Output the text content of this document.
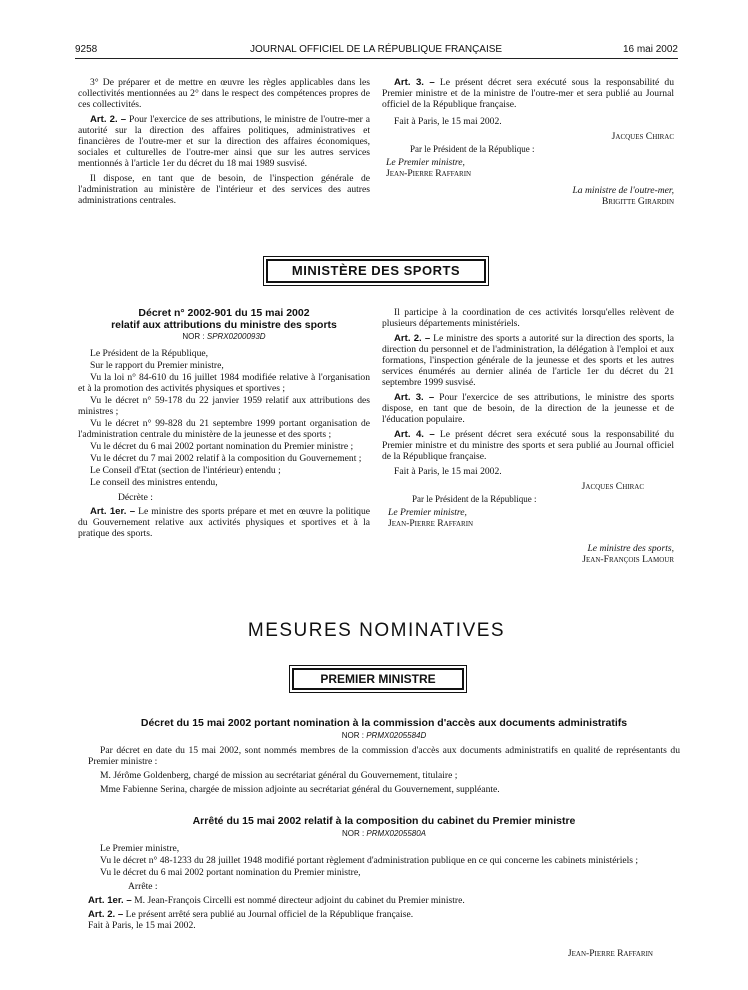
9258	JOURNAL OFFICIEL DE LA RÉPUBLIQUE FRANÇAISE	16 mai 2002

3° De préparer et de mettre en œuvre les règles applicables dans les collectivités mentionnées au 2° dans le respect des compétences propres de ces collectivités.

Art. 2. – Pour l'exercice de ses attributions, le ministre de l'outre-mer a autorité sur la direction des affaires politiques, administratives et financières de l'outre-mer et sur la direction des affaires économiques, sociales et culturelles de l'outre-mer ainsi que sur les autres services mentionnés à l'article 1er du décret du 18 mai 1989 susvisé.

Il dispose, en tant que de besoin, de l'inspection générale de l'administration au ministère de l'intérieur et des services des autres administrations centrales.

Art. 3. – Le présent décret sera exécuté sous la responsabilité du Premier ministre et de la ministre de l'outre-mer et sera publié au Journal officiel de la République française.

Fait à Paris, le 15 mai 2002.

Jacques Chirac

Par le Président de la République :

Le Premier ministre,

Jean-Pierre Raffarin

La ministre de l'outre-mer,

Brigitte Girardin

MINISTÈRE DES SPORTS
Décret n° 2002-901 du 15 mai 2002
relatif aux attributions du ministre des sports
NOR : SPRX0200093D

Le Président de la République,

Sur le rapport du Premier ministre,

Vu la loi n° 84-610 du 16 juillet 1984 modifiée relative à l'organisation et à la promotion des activités physiques et sportives ;

Vu le décret n° 59-178 du 22 janvier 1959 relatif aux attributions des ministres ;

Vu le décret n° 99-828 du 21 septembre 1999 portant organisation de l'administration centrale du ministère de la jeunesse et des sports ;

Vu le décret du 6 mai 2002 portant nomination du Premier ministre ;

Vu le décret du 7 mai 2002 relatif à la composition du Gouvernement ;

Le Conseil d'Etat (section de l'intérieur) entendu ;

Le conseil des ministres entendu,

Décrète :

Art. 1er. – Le ministre des sports prépare et met en œuvre la politique du Gouvernement relative aux activités physiques et sportives et à la pratique des sports.

Il participe à la coordination de ces activités lorsqu'elles relèvent de plusieurs départements ministériels.

Art. 2. – Le ministre des sports a autorité sur la direction des sports, la direction du personnel et de l'administration, la délégation à l'emploi et aux formations, l'inspection générale de la jeunesse et des sports et les autres services énumérés au dernier alinéa de l'article 1er du décret du 21 septembre 1999 susvisé.

Art. 3. – Pour l'exercice de ses attributions, le ministre des sports dispose, en tant que de besoin, de la direction de la jeunesse et de l'éducation populaire.

Art. 4. – Le présent décret sera exécuté sous la responsabilité du Premier ministre et du ministre des sports et sera publié au Journal officiel de la République française.

Fait à Paris, le 15 mai 2002.

Jacques Chirac

Par le Président de la République :

Le Premier ministre,

Jean-Pierre Raffarin

Le ministre des sports,

Jean-François Lamour

MESURES NOMINATIVES
PREMIER MINISTRE
Décret du 15 mai 2002 portant nomination à la commission d'accès aux documents administratifs
NOR : PRMX0205584D

Par décret en date du 15 mai 2002, sont nommés membres de la commission d'accès aux documents administratifs en qualité de représentants du Premier ministre :

M. Jérôme Goldenberg, chargé de mission au secrétariat général du Gouvernement, titulaire ;

Mme Fabienne Serina, chargée de mission adjointe au secrétariat général du Gouvernement, suppléante.

Arrêté du 15 mai 2002 relatif à la composition du cabinet du Premier ministre
NOR : PRMX0205580A

Le Premier ministre,

Vu le décret n° 48-1233 du 28 juillet 1948 modifié portant règlement d'administration publique en ce qui concerne les cabinets ministériels ;

Vu le décret du 6 mai 2002 portant nomination du Premier ministre,

Arrête :

Art. 1er. – M. Jean-François Circelli est nommé directeur adjoint du cabinet du Premier ministre.

Art. 2. – Le présent arrêté sera publié au Journal officiel de la République française.

Fait à Paris, le 15 mai 2002.

Jean-Pierre Raffarin
